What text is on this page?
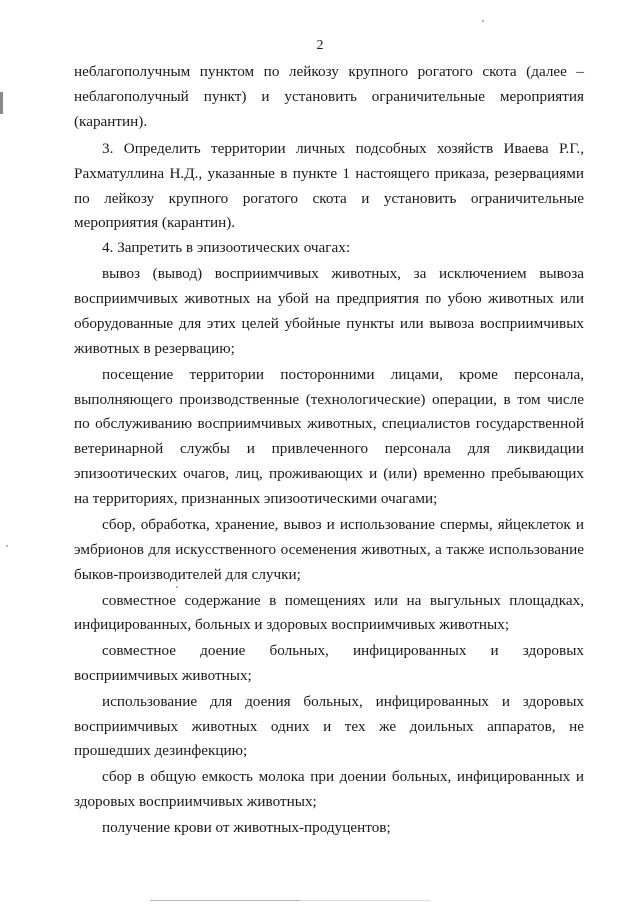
2
неблагополучным пунктом по лейкозу крупного рогатого скота (далее –
неблагополучный пункт) и установить ограничительные мероприятия
(карантин).
3. Определить территории личных подсобных хозяйств Иваева Р.Г.,
Рахматуллина Н.Д., указанные в пункте 1 настоящего приказа, резервациями
по лейкозу крупного рогатого скота и установить ограничительные
мероприятия (карантин).
4. Запретить в эпизоотических очагах:
вывоз (вывод) восприимчивых животных, за исключением вывоза
восприимчивых животных на убой на предприятия по убою животных или
оборудованные для этих целей убойные пункты или вывоза восприимчивых
животных в резервацию;
посещение территории посторонними лицами, кроме персонала,
выполняющего производственные (технологические) операции, в том числе
по обслуживанию восприимчивых животных, специалистов государственной
ветеринарной службы и привлеченного персонала для ликвидации
эпизоотических очагов, лиц, проживающих и (или) временно пребывающих
на территориях, признанных эпизоотическими очагами;
сбор, обработка, хранение, вывоз и использование спермы, яйцеклеток и
эмбрионов для искусственного осеменения животных, а также использование
быков-производителей для случки;
совместное содержание в помещениях или на выгульных площадках,
инфицированных, больных и здоровых восприимчивых животных;
совместное доение больных, инфицированных и здоровых
восприимчивых животных;
использование для доения больных, инфицированных и здоровых
восприимчивых животных одних и тех же доильных аппаратов, не
прошедших дезинфекцию;
сбор в общую емкость молока при доении больных, инфицированных и
здоровых восприимчивых животных;
получение крови от животных-продуцентов;
